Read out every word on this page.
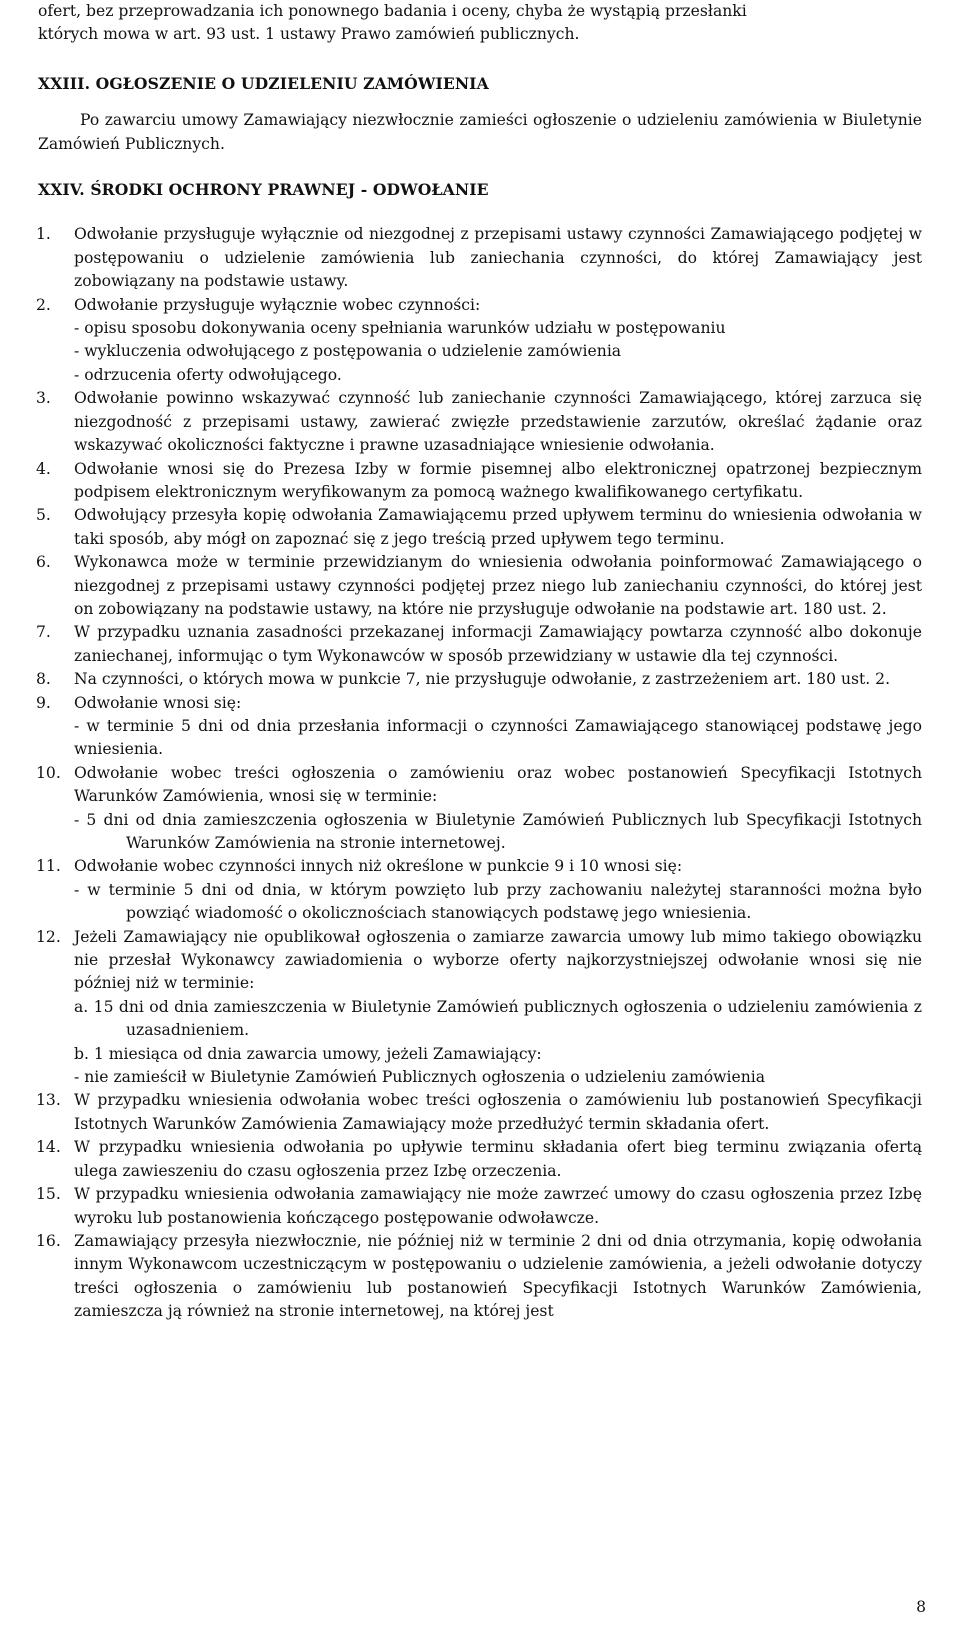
ofert, bez przeprowadzania ich ponownego badania i oceny, chyba że wystąpią przesłanki

których mowa w art. 93 ust. 1 ustawy Prawo zamówień publicznych.

XXIII. OGŁOSZENIE O UDZIELENIU ZAMÓWIENIA

Po zawarciu umowy Zamawiający niezwłocznie zamieści ogłoszenie o udzieleniu zamówienia w Biuletynie Zamówień Publicznych.

XXIV. ŚRODKI OCHRONY PRAWNEJ - ODWOŁANIE

1.	Odwołanie przysługuje wyłącznie od niezgodnej z przepisami ustawy czynności Zamawiającego podjętej w postępowaniu o udzielenie zamówienia lub zaniechania czynności, do której Zamawiający jest zobowiązany na podstawie ustawy.

2.	Odwołanie przysługuje wyłącznie wobec czynności:

- opisu sposobu dokonywania oceny spełniania warunków udziału w postępowaniu

- wykluczenia odwołującego z postępowania o udzielenie zamówienia

- odrzucenia oferty odwołującego.

3.	Odwołanie powinno wskazywać czynność lub zaniechanie czynności Zamawiającego, której zarzuca się niezgodność z przepisami ustawy, zawierać zwięzłe przedstawienie zarzutów, określać żądanie oraz wskazywać okoliczności faktyczne i prawne uzasadniające wniesienie odwołania.

4.	Odwołanie wnosi się do Prezesa Izby w formie pisemnej albo elektronicznej opatrzonej bezpiecznym podpisem elektronicznym weryfikowanym za pomocą ważnego kwalifikowanego certyfikatu.

5.	Odwołujący przesyła kopię odwołania Zamawiającemu przed upływem terminu do wniesienia odwołania w taki sposób, aby mógł on zapoznać się z jego treścią przed upływem tego terminu.

6.	Wykonawca może w terminie przewidzianym do wniesienia odwołania poinformować Zamawiającego o niezgodnej z przepisami ustawy czynności podjętej przez niego lub zaniechaniu czynności, do której jest on zobowiązany na podstawie ustawy, na które nie przysługuje odwołanie na podstawie art. 180 ust. 2.

7.	W przypadku uznania zasadności przekazanej informacji Zamawiający powtarza czynność albo dokonuje zaniechanej, informując o tym Wykonawców w sposób przewidziany w ustawie dla tej czynności.

8.	Na czynności, o których mowa w punkcie 7, nie przysługuje odwołanie, z zastrzeżeniem art. 180 ust. 2.

9.	Odwołanie wnosi się:

- w terminie 5 dni od dnia przesłania informacji o czynności Zamawiającego stanowiącej podstawę jego wniesienia.

10. Odwołanie wobec treści ogłoszenia o zamówieniu oraz wobec postanowień Specyfikacji Istotnych Warunków Zamówienia, wnosi się w terminie:

- 5 dni od dnia zamieszczenia ogłoszenia w Biuletynie Zamówień Publicznych lub Specyfikacji Istotnych Warunków Zamówienia na stronie internetowej.

11. Odwołanie wobec czynności innych niż określone w punkcie 9 i 10 wnosi się:

- w terminie 5 dni od dnia, w którym powzięto lub przy zachowaniu należytej staranności można było powziąć wiadomość o okolicznościach stanowiących podstawę jego wniesienia.

12. Jeżeli Zamawiający nie opublikował ogłoszenia o zamiarze zawarcia umowy lub mimo takiego obowiązku nie przesłał Wykonawcy zawiadomienia o wyborze oferty najkorzystniejszej odwołanie wnosi się nie później niż w terminie:

a. 15 dni od dnia zamieszczenia w Biuletynie Zamówień publicznych ogłoszenia o udzieleniu zamówienia z uzasadnieniem.

b. 1 miesiąca od dnia zawarcia umowy, jeżeli Zamawiający:

- nie zamieścił w Biuletynie Zamówień Publicznych ogłoszenia o udzieleniu zamówienia

13. W przypadku wniesienia odwołania wobec treści ogłoszenia o zamówieniu lub postanowień Specyfikacji Istotnych Warunków Zamówienia Zamawiający może przedłużyć termin składania ofert.

14. W przypadku wniesienia odwołania po upływie terminu składania ofert bieg terminu związania ofertą ulega zawieszeniu do czasu ogłoszenia przez Izbę orzeczenia.

15. W przypadku wniesienia odwołania zamawiający nie może zawrzeć umowy do czasu ogłoszenia przez Izbę wyroku lub postanowienia kończącego postępowanie odwoławcze.

16. Zamawiający przesyła niezwłocznie, nie później niż w terminie 2 dni od dnia otrzymania, kopię odwołania innym Wykonawcom uczestniczącym w postępowaniu o udzielenie zamówienia, a jeżeli odwołanie dotyczy treści ogłoszenia o zamówieniu lub postanowień Specyfikacji Istotnych Warunków Zamówienia, zamieszcza ją również na stronie internetowej, na której jest

8
